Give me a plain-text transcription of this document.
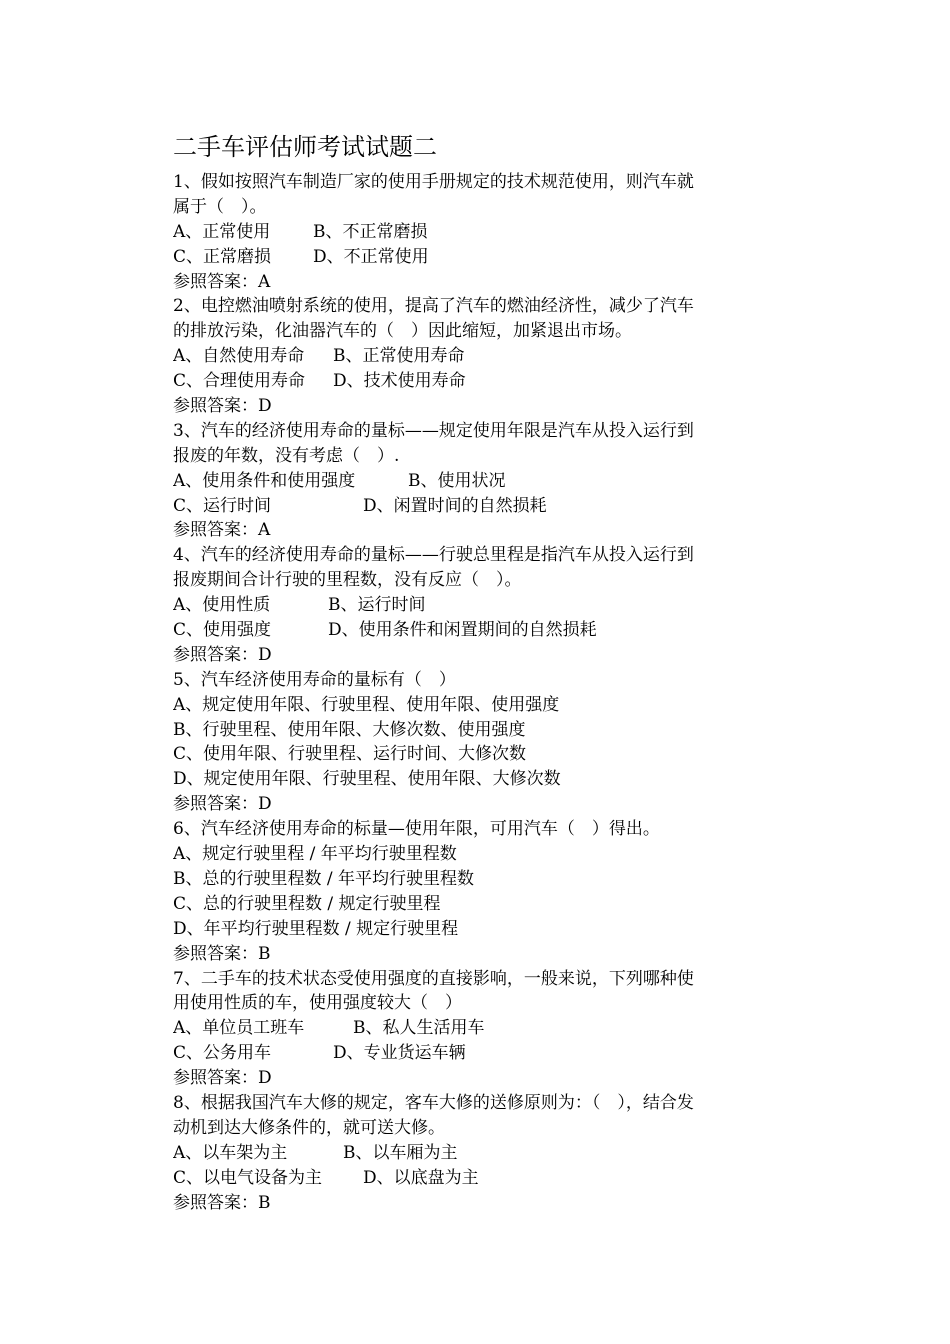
二手车评估师考试试题二
1、假如按照汽车制造厂家的使用手册规定的技术规范使用，则汽车就
属于（　）。
A、正常使用	B、不正常磨损
C、正常磨损	D、不正常使用
参照答案：A
2、电控燃油喷射系统的使用，提高了汽车的燃油经济性，减少了汽车
的排放污染，化油器汽车的（　）因此缩短，加紧退出市场。
A、自然使用寿命	B、正常使用寿命
C、合理使用寿命	D、技术使用寿命
参照答案：D
3、汽车的经济使用寿命的量标——规定使用年限是汽车从投入运行到
报废的年数，没有考虑（　）.
A、使用条件和使用强度	B、使用状况
C、运行时间	D、闲置时间的自然损耗
参照答案：A
4、汽车的经济使用寿命的量标——行驶总里程是指汽车从投入运行到
报废期间合计行驶的里程数，没有反应（　）。
A、使用性质	B、运行时间
C、使用强度	D、使用条件和闲置期间的自然损耗
参照答案：D
5、汽车经济使用寿命的量标有（　）
A、规定使用年限、行驶里程、使用年限、使用强度
B、行驶里程、使用年限、大修次数、使用强度
C、使用年限、行驶里程、运行时间、大修次数
D、规定使用年限、行驶里程、使用年限、大修次数
参照答案：D
6、汽车经济使用寿命的标量—使用年限，可用汽车（　）得出。
A、规定行驶里程 / 年平均行驶里程数
B、总的行驶里程数 / 年平均行驶里程数
C、总的行驶里程数 / 规定行驶里程
D、年平均行驶里程数 / 规定行驶里程
参照答案：B
7、二手车的技术状态受使用强度的直接影响，一般来说，下列哪种使
用使用性质的车，使用强度较大（　）
A、单位员工班车	B、私人生活用车
C、公务用车	D、专业货运车辆
参照答案：D
8、根据我国汽车大修的规定，客车大修的送修原则为：（　），结合发
动机到达大修条件的，就可送大修。
A、以车架为主	B、以车厢为主
C、以电气设备为主	D、以底盘为主
参照答案：B
